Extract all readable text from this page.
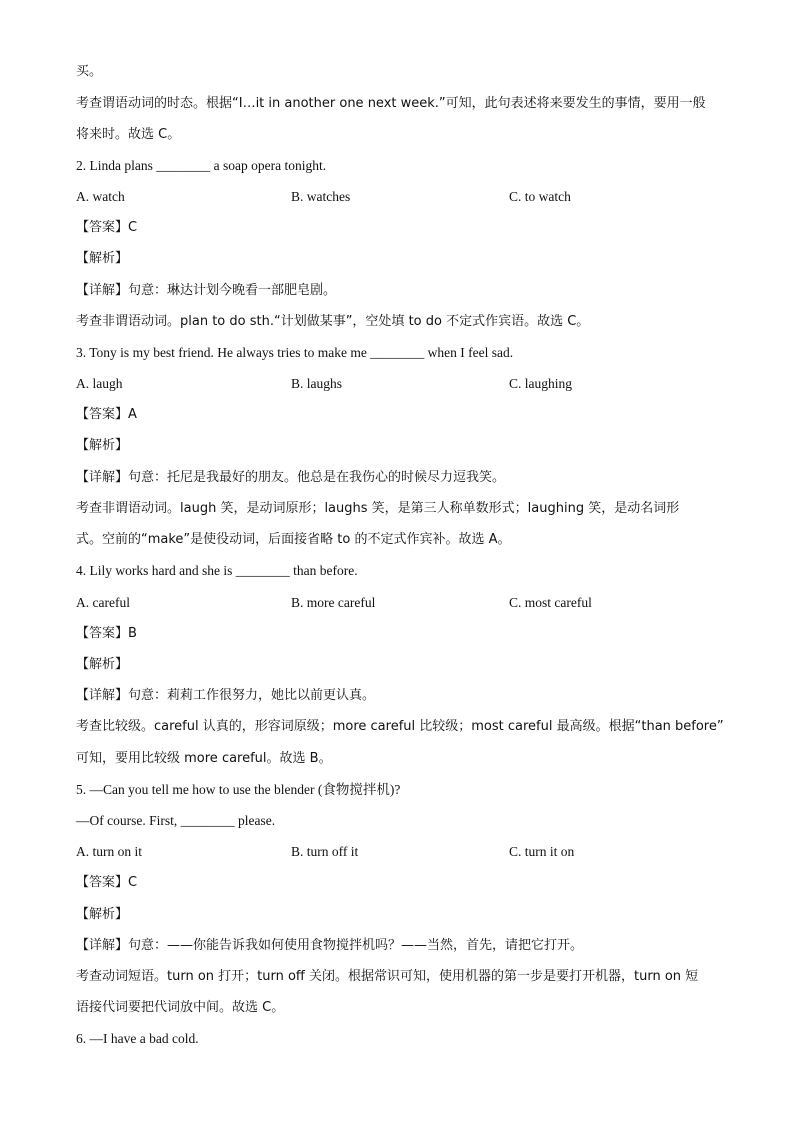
买。
考查谓语动词的时态。根据“I…it in another one next week.”可知，此句表述将来要发生的事情，要用一般
将来时。故选 C。
2. Linda plans ________ a soap opera tonight.
A. watch	B. watches	C. to watch
【答案】C
【解析】
【详解】句意：琳达计划今晚看一部肥皂剧。
考查非谓语动词。plan to do sth.“计划做某事”，空处填 to do 不定式作宾语。故选 C。
3. Tony is my best friend. He always tries to make me ________ when I feel sad.
A. laugh	B. laughs	C. laughing
【答案】A
【解析】
【详解】句意：托尼是我最好的朋友。他总是在我伤心的时候尽力逗我笑。
考查非谓语动词。laugh 笑，是动词原形；laughs 笑，是第三人称单数形式；laughing 笑，是动名词形
式。空前的“make”是使役动词，后面接省略 to 的不定式作宾补。故选 A。
4. Lily works hard and she is ________ than before.
A. careful	B. more careful	C. most careful
【答案】B
【解析】
【详解】句意：莉莉工作很努力，她比以前更认真。
考查比较级。careful 认真的，形容词原级；more careful 比较级；most careful 最高级。根据“than before”
可知，要用比较级 more careful。故选 B。
5. —Can you tell me how to use the blender (食物搅拌机)?
—Of course. First, ________ please.
A. turn on it	B. turn off it	C. turn it on
【答案】C
【解析】
【详解】句意：——你能告诉我如何使用食物搅拌机吗？——当然，首先，请把它打开。
考查动词短语。turn on 打开；turn off 关闭。根据常识可知，使用机器的第一步是要打开机器，turn on 短
语接代词要把代词放中间。故选 C。
6. —I have a bad cold.
